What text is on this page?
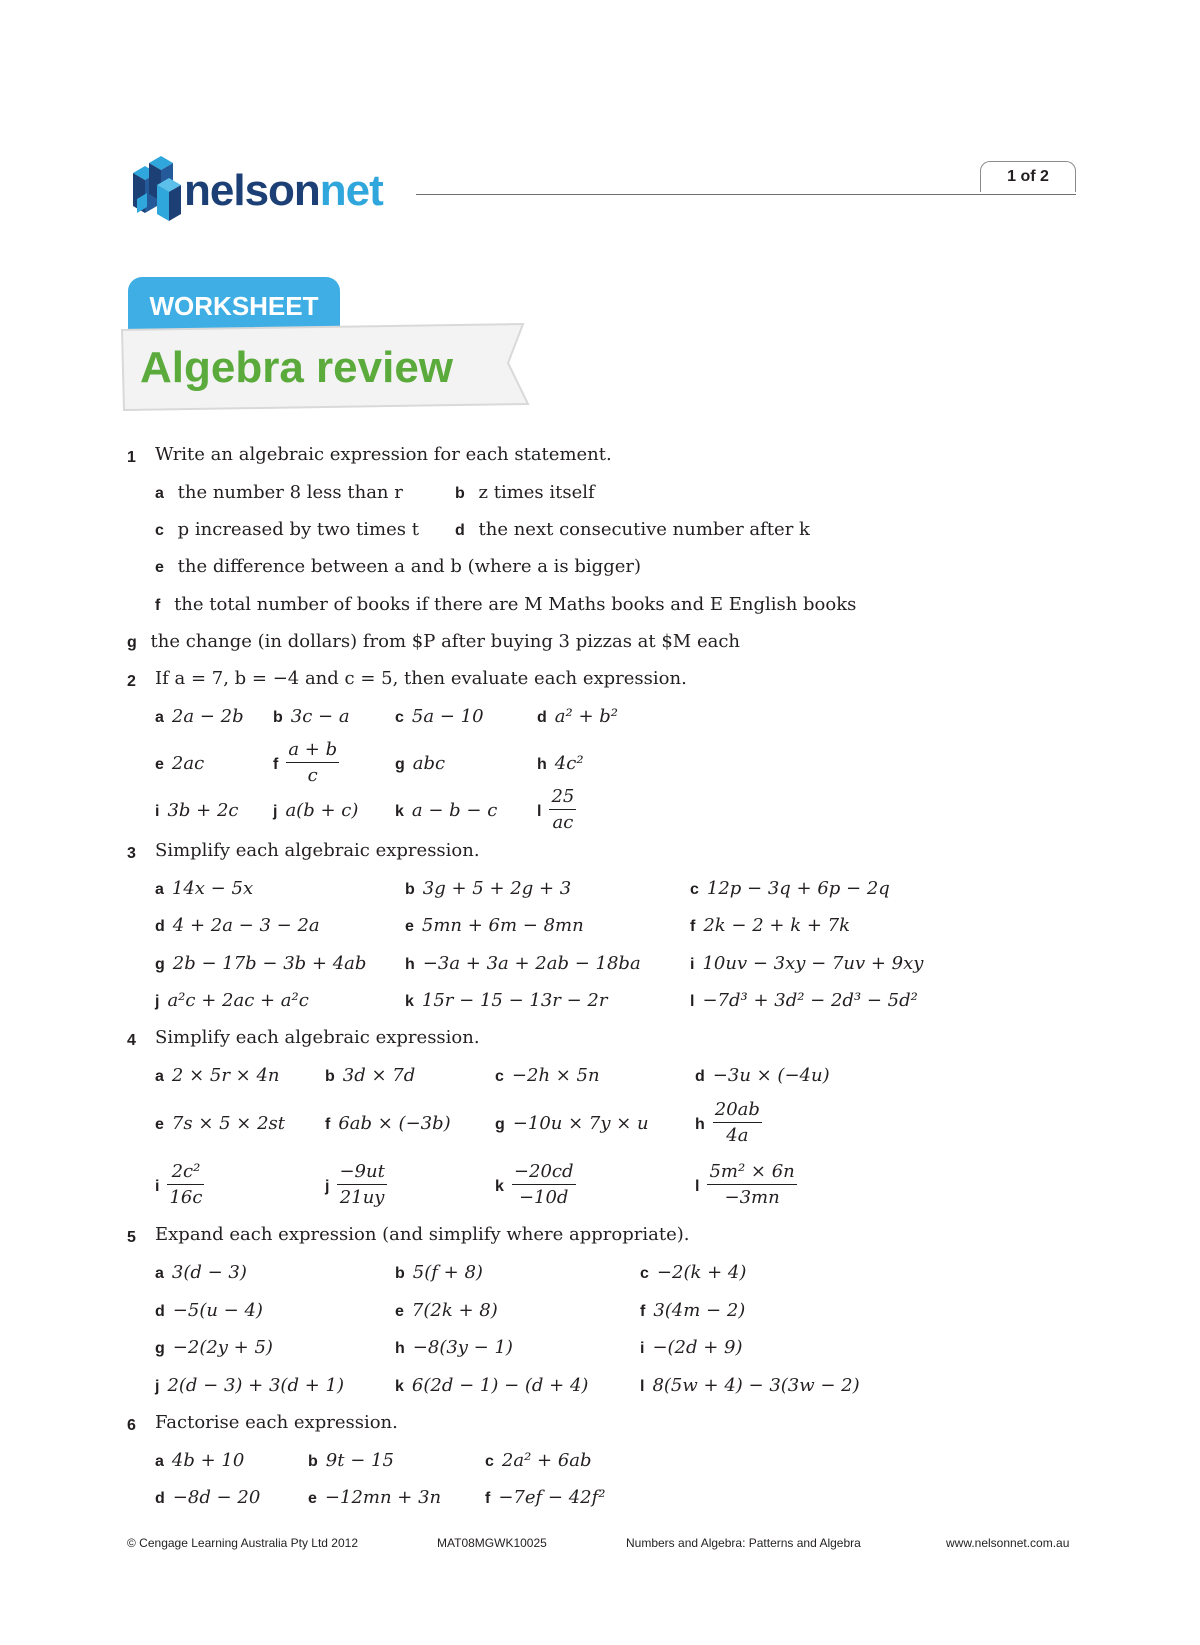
nelsonnet	1 of 2
WORKSHEET
Algebra review
1 Write an algebraic expression for each statement.
a the number 8 less than r	b z times itself
c p increased by two times t d the next consecutive number after k
e the difference between a and b (where a is bigger)
f the total number of books if there are M Maths books and E English books
g the change (in dollars) from $P after buying 3 pizzas at $M each
2 If a = 7, b = −4 and c = 5, then evaluate each expression.
a 2a − 2b b 3c − a	c 5a − 10	d a² + b²
e 2ac	f $\frac{a + b}{c}$	g abc	h 4c²
i 3b + 2c j a(b + c) k a − b − c l $\frac{25}{ac}$
3 Simplify each algebraic expression.
a 14x − 5x	b 3g + 5 + 2g + 3	c 12p − 3q + 6p − 2q
d 4 + 2a − 3 − 2a	e 5mn + 6m − 8mn	f 2k − 2 + k + 7k
g 2b − 17b − 3b + 4ab h −3a + 3a + 2ab − 18ba	i 10uv − 3xy − 7uv + 9xy
j a²c + 2ac + a²c	k 15r − 15 − 13r − 2r	l −7d³ + 3d² − 2d³ − 5d²
4 Simplify each algebraic expression.
a 2 × 5r × 4n	b 3d × 7d	c −2h × 5n	d −3u × (−4u)
e 7s × 5 × 2st f 6ab × (−3b)	g −10u × 7y × u	h $\frac{20ab}{4a}$
i $\frac{\text{2c²}}{16c}$	j $\frac{-9ut}{21uy}$	k $\frac{-20cd}{-10d}$	l $\frac{\text{5m² × 6n}}{-3mn}$
5 Expand each expression (and simplify where appropriate).
a 3(d − 3)	b 5(f + 8)	c −2(k + 4)
d −5(u − 4)	e 7(2k + 8)	f 3(4m − 2)
g −2(2y + 5)	h −8(3y − 1)	i −(2d + 9)
j 2(d − 3) + 3(d + 1)	k 6(2d − 1) − (d + 4)	l 8(5w + 4) − 3(3w − 2)
6 Factorise each expression.
a 4b + 10	b 9t − 15	c 2a² + 6ab
d −8d − 20	e −12mn + 3n	f −7ef − 42f²
© Cengage Learning Australia Pty Ltd 2012	MAT08MGWK10025	Numbers and Algebra: Patterns and Algebra	www.nelsonnet.com.au
